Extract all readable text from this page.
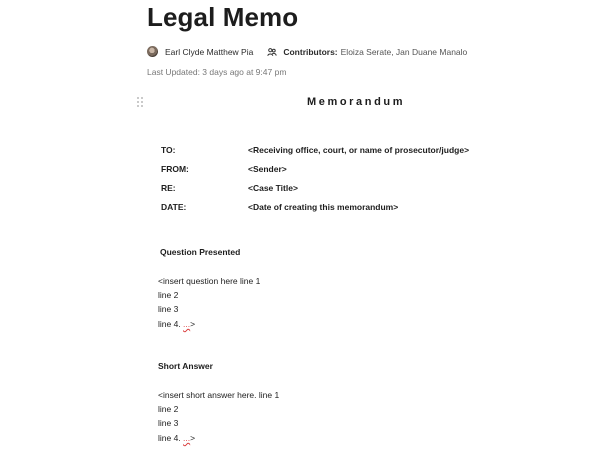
Legal Memo
Earl Clyde Matthew Pia	Contributors: Eloiza Serate, Jan Duane Manalo
Last Updated: 3 days ago at 9:47 pm
Memorandum
TO:	<Receiving office, court, or name of prosecutor/judge>
FROM:	<Sender>
RE:	<Case Title>
DATE:	<Date of creating this memorandum>
Question Presented
<insert question here line 1
line 2
line 3
line 4. ...>
Short Answer
<insert short answer here. line 1
line 2
line 3
line 4. ...>
